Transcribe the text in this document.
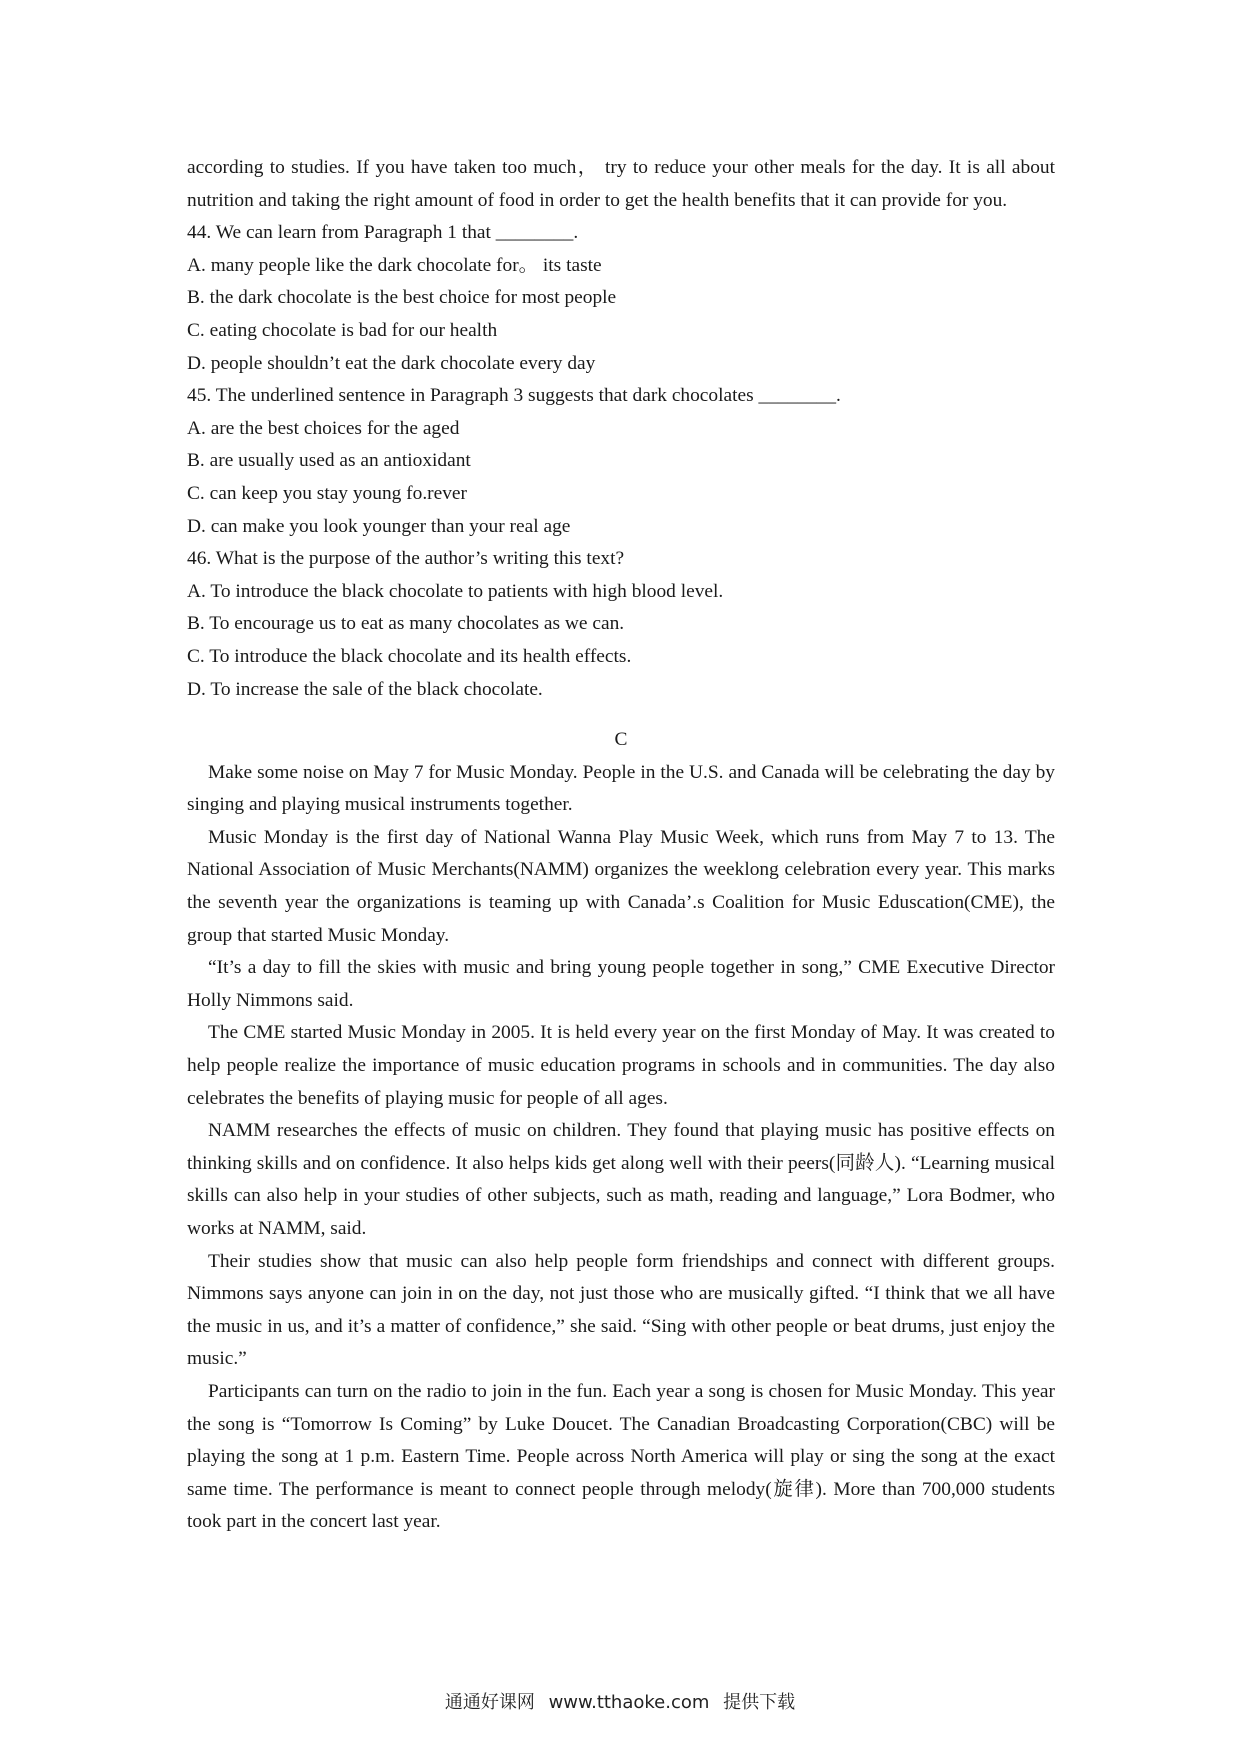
according to studies. If you have taken too much， try to reduce your other meals for the day. It is all about nutrition and taking the right amount of food in order to get the health benefits that it can provide for you.

44. We can learn from Paragraph 1 that ________.

A. many people like the dark chocolate for。 its taste

B. the dark chocolate is the best choice for most people

C. eating chocolate is bad for our health

D. people shouldn’t eat the dark chocolate every day

45. The underlined sentence in Paragraph 3 suggests that dark chocolates ________.

A. are the best choices for the aged

B. are usually used as an antioxidant

C. can keep you stay young fo.rever

D. can make you look younger than your real age

46. What is the purpose of the author’s writing this text?

A. To introduce the black chocolate to patients with high blood level.

B. To encourage us to eat as many chocolates as we can.

C. To introduce the black chocolate and its health effects.

D. To increase the sale of the black chocolate.

C

Make some noise on May 7 for Music Monday. People in the U.S. and Canada will be celebrating the day by singing and playing musical instruments together.

Music Monday is the first day of National Wanna Play Music Week, which runs from May 7 to 13. The National Association of Music Merchants(NAMM) organizes the weeklong celebration every year. This marks the seventh year the organizations is teaming up with Canada’.s Coalition for Music Eduscation(CME), the group that started Music Monday.

“It’s a day to fill the skies with music and bring young people together in song,” CME Executive Director Holly Nimmons said.

The CME started Music Monday in 2005. It is held every year on the first Monday of May. It was created to help people realize the importance of music education programs in schools and in communities. The day also celebrates the benefits of playing music for people of all ages.

NAMM researches the effects of music on children. They found that playing music has positive effects on thinking skills and on confidence. It also helps kids get along well with their peers(同龄人). “Learning musical skills can also help in your studies of other subjects, such as math, reading and language,” Lora Bodmer, who works at NAMM, said.

Their studies show that music can also help people form friendships and connect with different groups. Nimmons says anyone can join in on the day, not just those who are musically gifted. “I think that we all have the music in us, and it’s a matter of confidence,” she said. “Sing with other people or beat drums, just enjoy the music.”

Participants can turn on the radio to join in the fun. Each year a song is chosen for Music Monday. This year the song is “Tomorrow Is Coming” by Luke Doucet. The Canadian Broadcasting Corporation(CBC) will be playing the song at 1 p.m. Eastern Time. People across North America will play or sing the song at the exact same time. The performance is meant to connect people through melody(旋律). More than 700,000 students took part in the concert last year.

通通好课网 www.tthaoke.com 提供下载
